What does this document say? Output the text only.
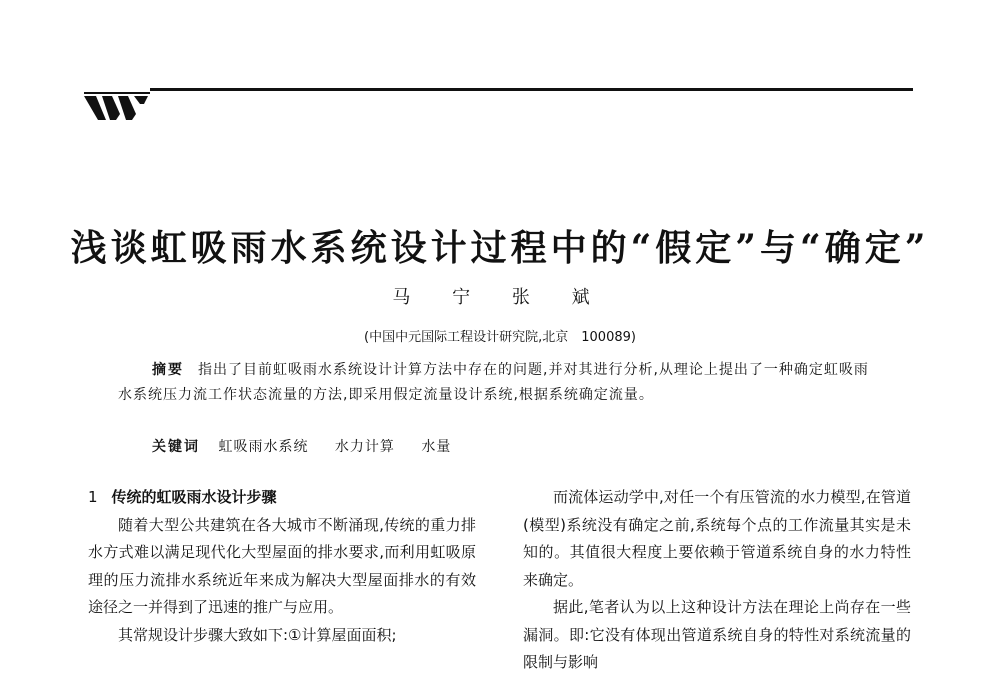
浅谈虹吸雨水系统设计过程中的“假定”与“确定”
马 宁 张 斌
(中国中元国际工程设计研究院,北京　100089)

摘要 指出了目前虹吸雨水系统设计计算方法中存在的问题,并对其进行分析,从理论上提出了一种确定虹吸雨水系统压力流工作状态流量的方法,即采用假定流量设计系统,根据系统确定流量。

关键词 虹吸雨水系统 水力计算 水量

1 传统的虹吸雨水设计步骤

随着大型公共建筑在各大城市不断涌现,传统的重力排水方式难以满足现代化大型屋面的排水要求,而利用虹吸原理的压力流排水系统近年来成为解决大型屋面排水的有效途径之一并得到了迅速的推广与应用。

其常规设计步骤大致如下:①计算屋面面积;

而流体运动学中,对任一个有压管流的水力模型,在管道(模型)系统没有确定之前,系统每个点的工作流量其实是未知的。其值很大程度上要依赖于管道系统自身的水力特性来确定。

据此,笔者认为以上这种设计方法在理论上尚存在一些漏洞。即:它没有体现出管道系统自身的特性对系统流量的限制与影响
